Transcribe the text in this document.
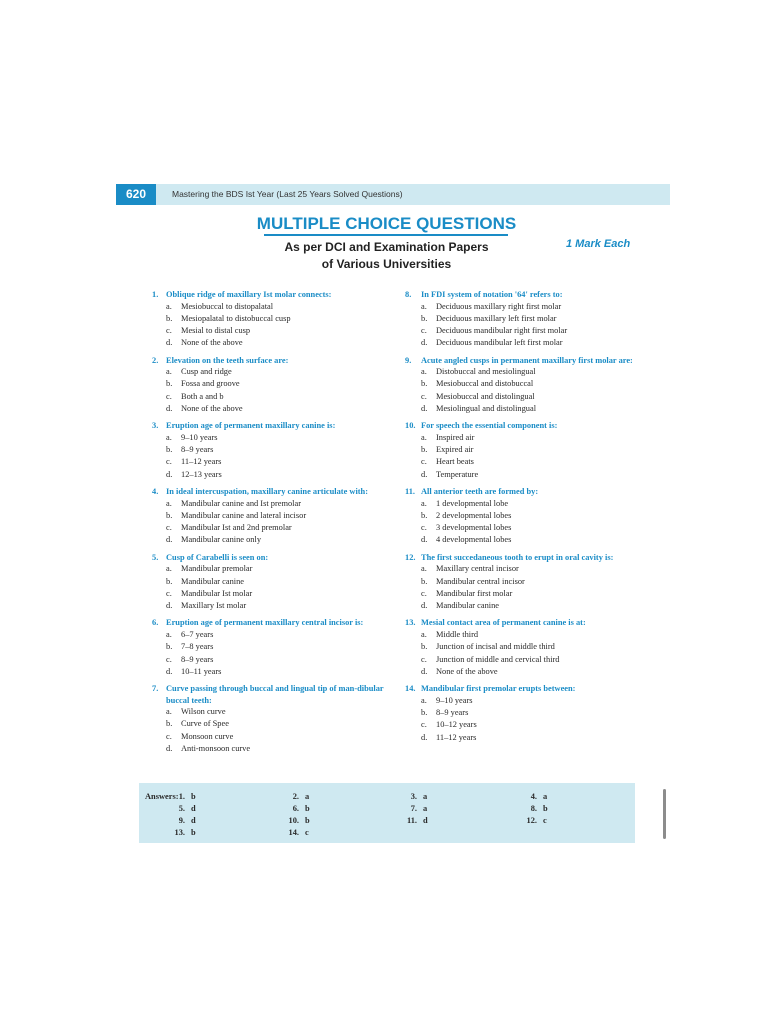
620	Mastering the BDS Ist Year (Last 25 Years Solved Questions)
MULTIPLE CHOICE QUESTIONS
As per DCI and Examination Papers
of Various Universities
1 Mark Each
1. Oblique ridge of maxillary Ist molar connects:
a.	Mesiobuccal to distopalatal
b.	Mesiopalatal to distobuccal cusp
c.	Mesial to distal cusp
d.	None of the above
2. Elevation on the teeth surface are:
a.	Cusp and ridge
b.	Fossa and groove
c.	Both a and b
d.	None of the above
3. Eruption age of permanent maxillary canine is:
a.	9–10 years
b.	8–9 years
c.	11–12 years
d.	12–13 years
4. In ideal intercuspation, maxillary canine articulate with:
a.	Mandibular canine and Ist premolar
b.	Mandibular canine and lateral incisor
c.	Mandibular Ist and 2nd premolar
d.	Mandibular canine only
5. Cusp of Carabelli is seen on:
a.	Mandibular premolar
b.	Mandibular canine
c.	Mandibular Ist molar
d.	Maxillary Ist molar
6. Eruption age of permanent maxillary central incisor is:
a.	6–7 years
b.	7–8 years
c.	8–9 years
d.	10–11 years
7. Curve passing through buccal and lingual tip of man-dibular buccal teeth:
a.	Wilson curve
b.	Curve of Spee
c.	Monsoon curve
d.	Anti-monsoon curve
8.	In FDI system of notation '64' refers to:
a.	Deciduous maxillary right first molar
b.	Deciduous maxillary left first molar
c.	Deciduous mandibular right first molar
d.	Deciduous mandibular left first molar
9.	Acute angled cusps in permanent maxillary first molar are:
a.	Distobuccal and mesiolingual
b.	Mesiobuccal and distobuccal
c.	Mesiobuccal and distolingual
d.	Mesiolingual and distolingual
10. For speech the essential component is:
a.	Inspired air
b.	Expired air
c.	Heart beats
d.	Temperature
11. All anterior teeth are formed by:
a.	1 developmental lobe
b.	2 developmental lobes
c.	3 developmental lobes
d.	4 developmental lobes
12. The first succedaneous tooth to erupt in oral cavity is:
a.	Maxillary central incisor
b.	Mandibular central incisor
c.	Mandibular first molar
d.	Mandibular canine
13. Mesial contact area of permanent canine is at:
a.	Middle third
b.	Junction of incisal and middle third
c.	Junction of middle and cervical third
d.	None of the above
14. Mandibular first premolar erupts between:
a.	9–10 years
b.	8–9 years
c.	10–12 years
d.	11–12 years
Answers: 1. b	2. a	3. a	4. a
5. d	6. b	7. a	8. b
9. d	10. b	11. d	12. c
13. b	14. c
